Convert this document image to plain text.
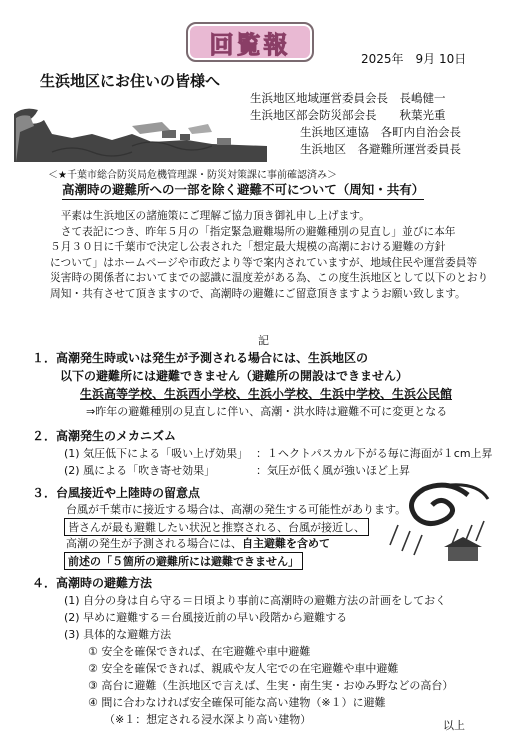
回覧報
2025年　9月 10日
生浜地区にお住いの皆様へ
生浜地区地域運営委員会長　長嶋健一
生浜地区部会防災部会長　　秋葉光重
生浜地区連協　各町内自治会長
生浜地区　各避難所運営委員長
＜★千葉市総合防災局危機管理課・防災対策課に事前確認済み＞
高潮時の避難所への一部を除く避難不可について（周知・共有）
　平素は生浜地区の諸施策にご理解ご協力頂き御礼申し上げます。
　さて表記につき、昨年５月の「指定緊急避難場所の避難種別の見直し」並びに本年
５月３０日に千葉市で決定し公表された「想定最大規模の高潮における避難の方針
について」はホームページや市政だより等で案内されていますが、地域住民や運営委員等
災害時の関係者においてまでの認識に温度差がある為、この度生浜地区として以下のとおり
周知・共有させて頂きますので、高潮時の避難にご留意頂きますようお願い致します。
記
１．高潮発生時或いは発生が予測される場合には、生浜地区の
以下の避難所には避難できません（避難所の開設はできません）
生浜高等学校、生浜西小学校、生浜小学校、生浜中学校、生浜公民館
⇒昨年の避難種別の見直しに伴い、高潮・洪水時は避難不可に変更となる
２．高潮発生のメカニズム
(1) 気圧低下による「吸い上げ効果」 ：１ヘクトパスカル下がる毎に海面が１cm上昇
(2) 風による「吹き寄せ効果」	：気圧が低く風が強いほど上昇
３．台風接近や上陸時の留意点
台風が千葉市に接近する場合は、高潮の発生する可能性があります。
皆さんが最も避難したい状況と推察される、台風が接近し、
高潮の発生が予測される場合には、自主避難を含めて
前述の「５箇所の避難所には避難できません」
４．高潮時の避難方法
(1) 自分の身は自ら守る＝日頃より事前に高潮時の避難方法の計画をしておく
(2) 早めに避難する＝台風接近前の早い段階から避難する
(3) 具体的な避難方法
① 安全を確保できれば、在宅避難や車中避難
② 安全を確保できれば、親戚や友人宅での在宅避難や車中避難
③ 高台に避難（生浜地区で言えば、生実・南生実・おゆみ野などの高台）
④ 間に合わなければ安全確保可能な高い建物（※１）に避難
（※１：想定される浸水深より高い建物）	以上
